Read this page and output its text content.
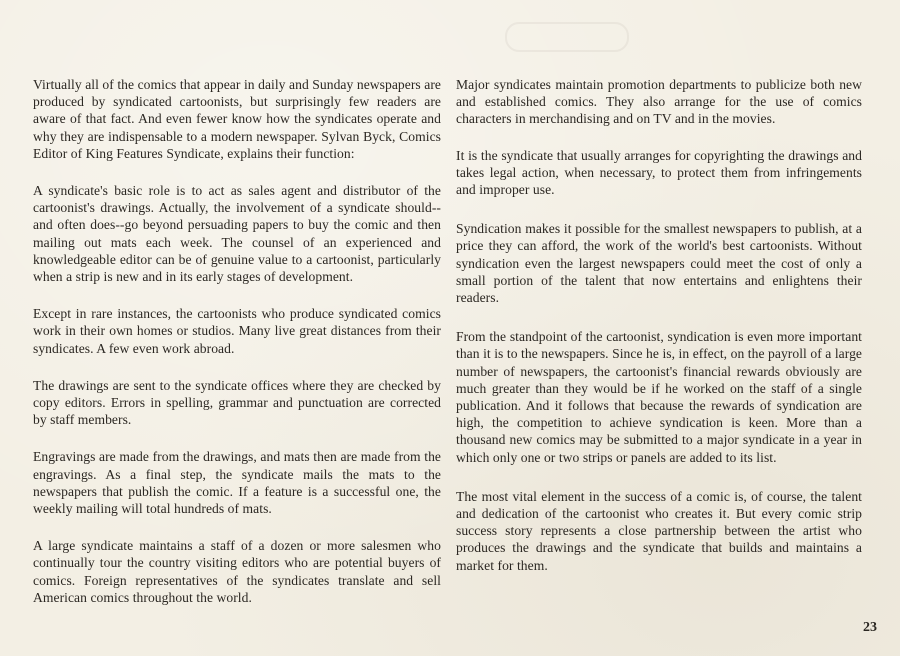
Virtually all of the comics that appear in daily and Sunday newspapers are produced by syndicated cartoonists, but surprisingly few readers are aware of that fact. And even fewer know how the syndicates operate and why they are indispensable to a modern newspaper. Sylvan Byck, Comics Editor of King Features Syndicate, explains their function:

A syndicate's basic role is to act as sales agent and distributor of the cartoonist's drawings. Actually, the involvement of a syndicate should--and often does--go beyond persuading papers to buy the comic and then mailing out mats each week. The counsel of an experienced and knowledgeable editor can be of genuine value to a cartoonist, particularly when a strip is new and in its early stages of development.

Except in rare instances, the cartoonists who produce syndicated comics work in their own homes or studios. Many live great distances from their syndicates. A few even work abroad.

The drawings are sent to the syndicate offices where they are checked by copy editors. Errors in spelling, grammar and punctuation are corrected by staff members.

Engravings are made from the drawings, and mats then are made from the engravings. As a final step, the syndicate mails the mats to the newspapers that publish the comic. If a feature is a successful one, the weekly mailing will total hundreds of mats.

A large syndicate maintains a staff of a dozen or more salesmen who continually tour the country visiting editors who are potential buyers of comics. Foreign representatives of the syndicates translate and sell American comics throughout the world.

Major syndicates maintain promotion departments to publicize both new and established comics. They also arrange for the use of comics characters in merchandising and on TV and in the movies.

It is the syndicate that usually arranges for copyrighting the drawings and takes legal action, when necessary, to protect them from infringements and improper use.

Syndication makes it possible for the smallest newspapers to publish, at a price they can afford, the work of the world's best cartoonists. Without syndication even the largest newspapers could meet the cost of only a small portion of the talent that now entertains and enlightens their readers.

From the standpoint of the cartoonist, syndication is even more important than it is to the newspapers. Since he is, in effect, on the payroll of a large number of newspapers, the cartoonist's financial rewards obviously are much greater than they would be if he worked on the staff of a single publication. And it follows that because the rewards of syndication are high, the competition to achieve syndication is keen. More than a thousand new comics may be submitted to a major syndicate in a year in which only one or two strips or panels are added to its list.

The most vital element in the success of a comic is, of course, the talent and dedication of the cartoonist who creates it. But every comic strip success story represents a close partnership between the artist who produces the drawings and the syndicate that builds and maintains a market for them.

23
